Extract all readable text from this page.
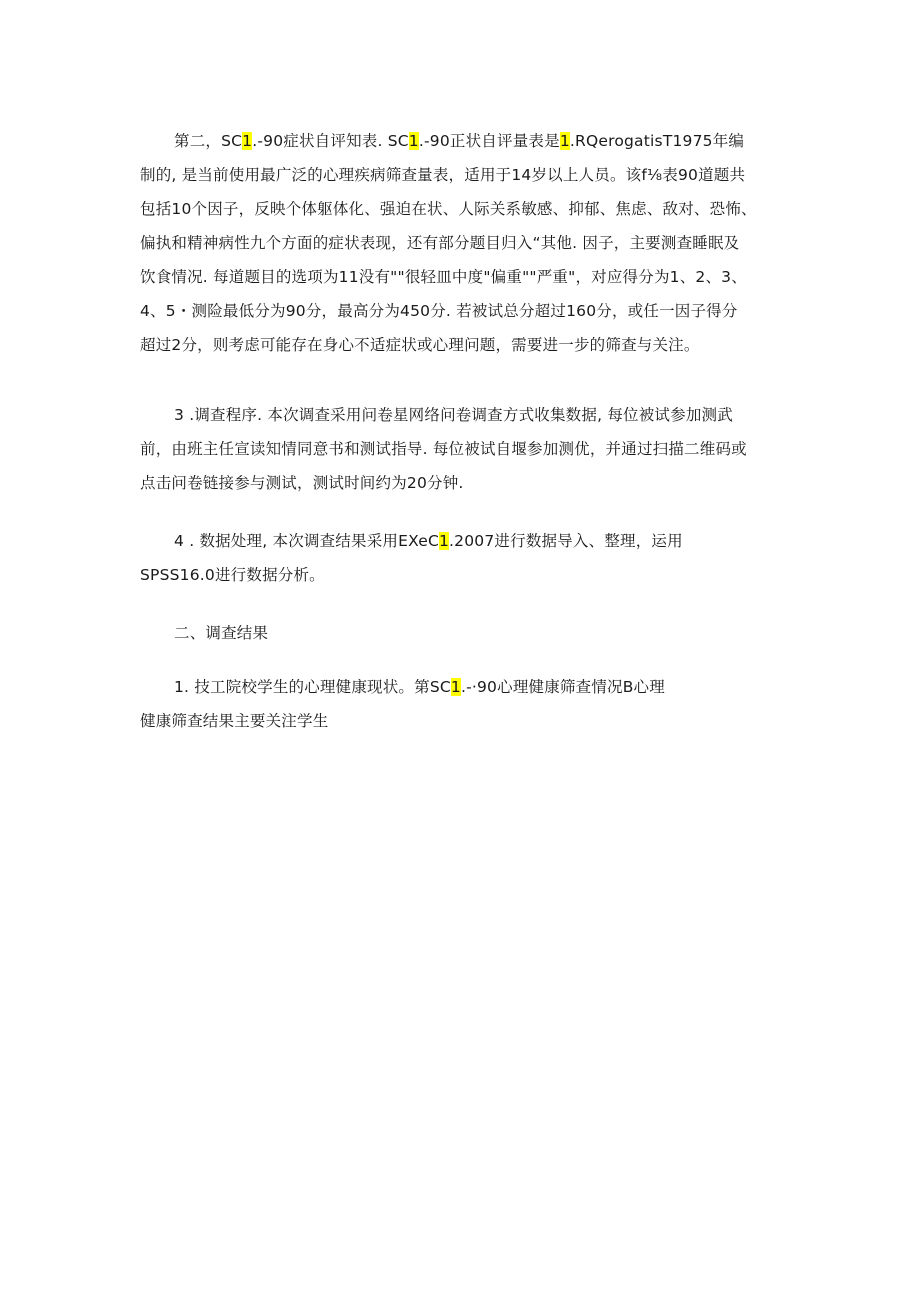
第二，SC1.-90症状自评知表. SC1.-90正状自评量表是1.RQerogatisT1975年编
制的, 是当前使用最广泛的心理疾病筛查量表，适用于14岁以上人员。该f⅛表90道题共
包括10个因子，反映个体躯体化、强迫在状、人际关系敏感、抑郁、焦虑、敌对、恐怖、
偏执和精神病性九个方面的症状表现，还有部分题目归入“其他. 因子，主要测查睡眠及
饮食情况. 每道题目的选项为11没有""很轻皿中度"偏重""严重"，对应得分为1、2、3、
4、5・测险最低分为90分，最高分为450分. 若被试总分超过160分，或任一因子得分
超过2分，则考虑可能存在身心不适症状或心理问题，需要进一步的筛查与关注。
3 .调查程序. 本次调查采用问卷星网络问卷调查方式收集数据, 每位被试参加测武
前，由班主任宣读知情同意书和测试指导. 每位被试自堰参加测优，并通过扫描二维码或
点击问卷链接参与测试，测试时间约为20分钟.
4 . 数据处理, 本次调查结果采用EXeC1.2007进行数据导入、整理，运用
SPSS16.0进行数据分析。
二、调查结果
1. 技工院校学生的心理健康现状。第SC1.-·90心理健康筛查情况B心理
健康筛查结果主要关注学生
